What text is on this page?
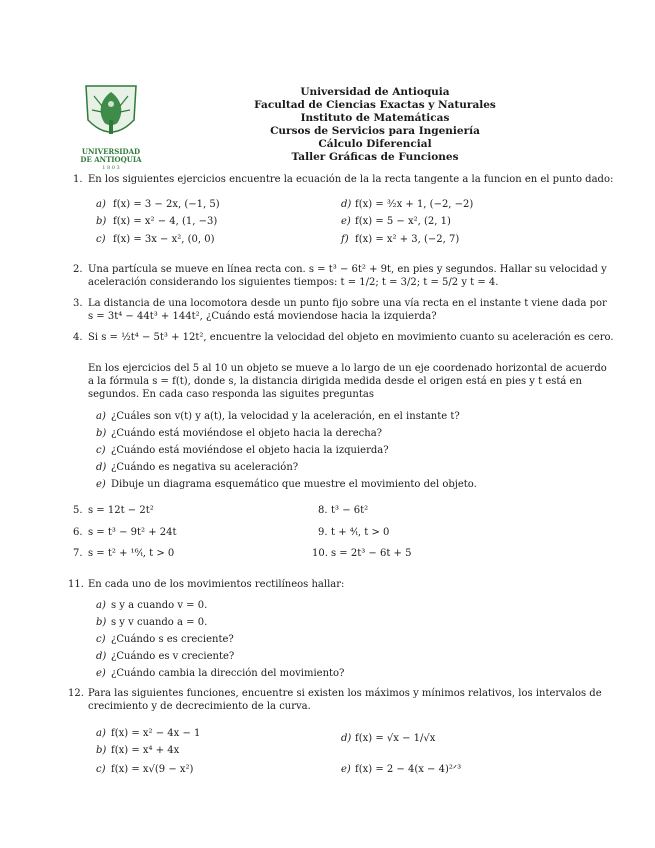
UNIVERSIDAD
DE ANTIOQUIA
1 8 0 3
Universidad de Antioquia
Facultad de Ciencias Exactas y Naturales
Instituto de Matemáticas
Cursos de Servicios para Ingeniería
Cálculo Diferencial
Taller Gráficas de Funciones
1. En los siguientes ejercicios encuentre la ecuación de la la recta tangente a la funcion en el punto dado:
a) f(x) = 3 − 2x, (−1, 5)
b) f(x) = x² − 4, (1, −3)
c) f(x) = 3x − x², (0, 0)
d) f(x) = ³⁄₂x + 1, (−2, −2)
e) f(x) = 5 − x², (2, 1)
f) f(x) = x² + 3, (−2, 7)
2. Una partícula se mueve en línea recta con. s = t³ − 6t² + 9t, en pies y segundos. Hallar su velocidad y
aceleración considerando los siguientes tiempos: t = 1/2; t = 3/2; t = 5/2 y t = 4.
3. La distancia de una locomotora desde un punto fijo sobre una vía recta en el instante t viene dada por
s = 3t⁴ − 44t³ + 144t², ¿Cuándo está moviendose hacia la izquierda?
4. Si s = ½t⁴ − 5t³ + 12t², encuentre la velocidad del objeto en movimiento cuanto su aceleración es cero.
En los ejercicios del 5 al 10 un objeto se mueve a lo largo de un eje coordenado horizontal de acuerdo
a la fórmula s = f(t), donde s, la distancia dirigida medida desde el origen está en pies y t está en
segundos. En cada caso responda las siguites preguntas
a) ¿Cuáles son v(t) y a(t), la velocidad y la aceleración, en el instante t?
b) ¿Cuándo está moviéndose el objeto hacia la derecha?
c) ¿Cuándo está moviéndose el objeto hacia la izquierda?
d) ¿Cuándo es negativa su aceleración?
e) Dibuje un diagrama esquemático que muestre el movimiento del objeto.
5. s = 12t − 2t²
6. s = t³ − 9t² + 24t
7. s = t² + ¹⁶⁄ₜ, t > 0
8. t³ − 6t²
9. t + ⁴⁄ₜ, t > 0
10. s = 2t³ − 6t + 5
11. En cada uno de los movimientos rectilíneos hallar:
a) s y a cuando v = 0.
b) s y v cuando a = 0.
c) ¿Cuándo s es creciente?
d) ¿Cuándo es v creciente?
e) ¿Cuándo cambia la dirección del movimiento?
12. Para las siguientes funciones, encuentre si existen los máximos y mínimos relativos, los intervalos de
crecimiento y de decrecimiento de la curva.
a) f(x) = x² − 4x − 1
b) f(x) = x⁴ + 4x
c) f(x) = x√(9 − x²)
d) f(x) = √x − 1/√x
e) f(x) = 2 − 4(x − 4)²ᐟ³
